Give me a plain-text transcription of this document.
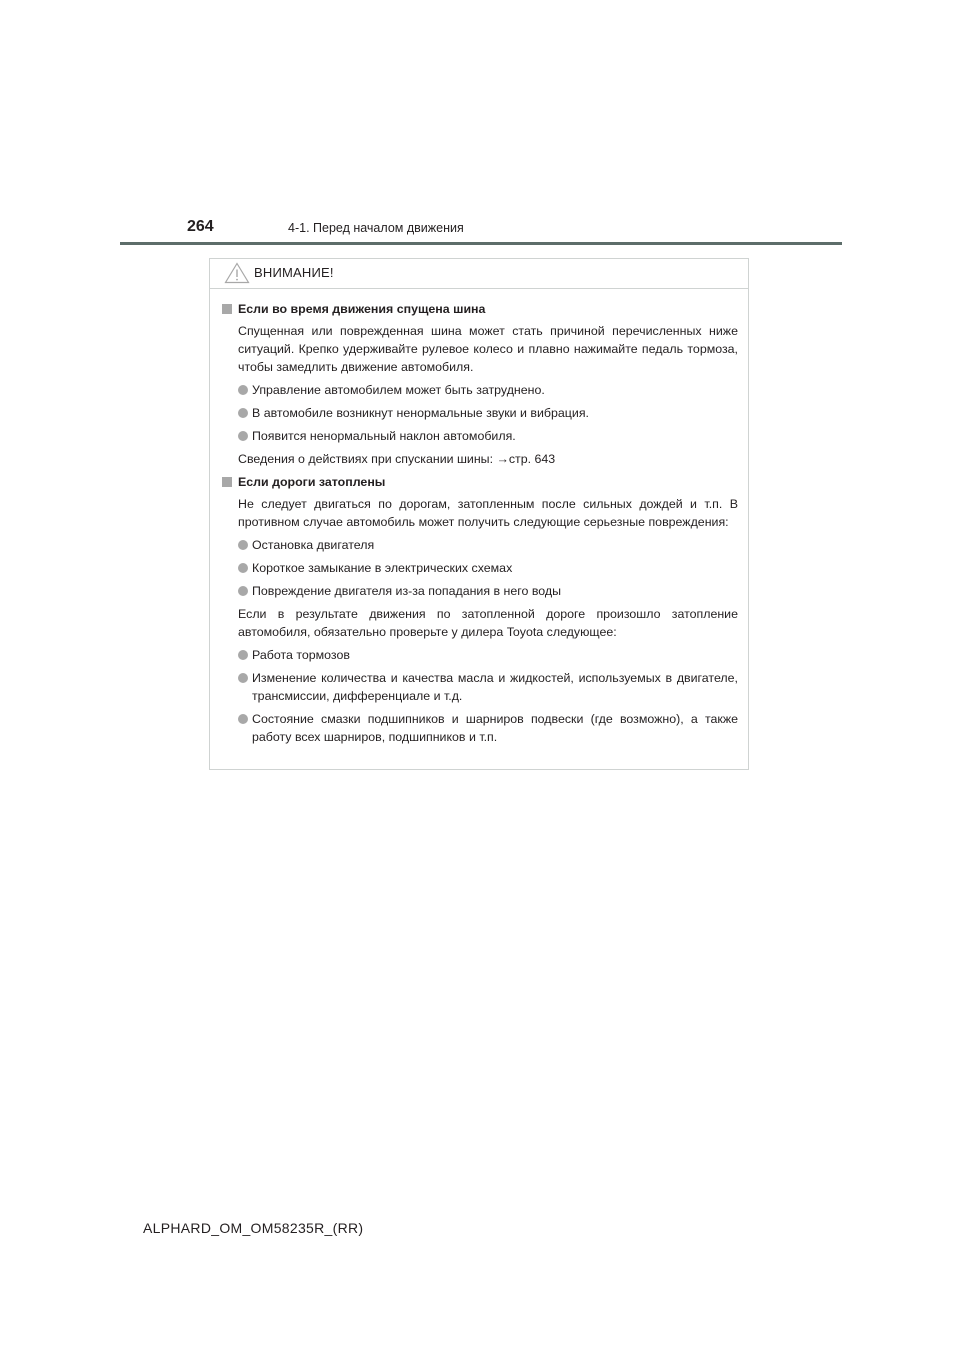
264	4-1. Перед началом движения
ВНИМАНИЕ!
Если во время движения спущена шина
Спущенная или поврежденная шина может стать причиной перечисленных ниже ситуаций. Крепко удерживайте рулевое колесо и плавно нажимайте педаль тормоза, чтобы замедлить движение автомобиля.
Управление автомобилем может быть затруднено.
В автомобиле возникнут ненормальные звуки и вибрация.
Появится ненормальный наклон автомобиля.
Сведения о действиях при спускании шины: →стр. 643
Если дороги затоплены
Не следует двигаться по дорогам, затопленным после сильных дождей и т.п. В противном случае автомобиль может получить следующие серьезные повреждения:
Остановка двигателя
Короткое замыкание в электрических схемах
Повреждение двигателя из-за попадания в него воды
Если в результате движения по затопленной дороге произошло затопление автомобиля, обязательно проверьте у дилера Toyota следующее:
Работа тормозов
Изменение количества и качества масла и жидкостей, используемых в двигателе, трансмиссии, дифференциале и т.д.
Состояние смазки подшипников и шарниров подвески (где возможно), а также работу всех шарниров, подшипников и т.п.
ALPHARD_OM_OM58235R_(RR)
